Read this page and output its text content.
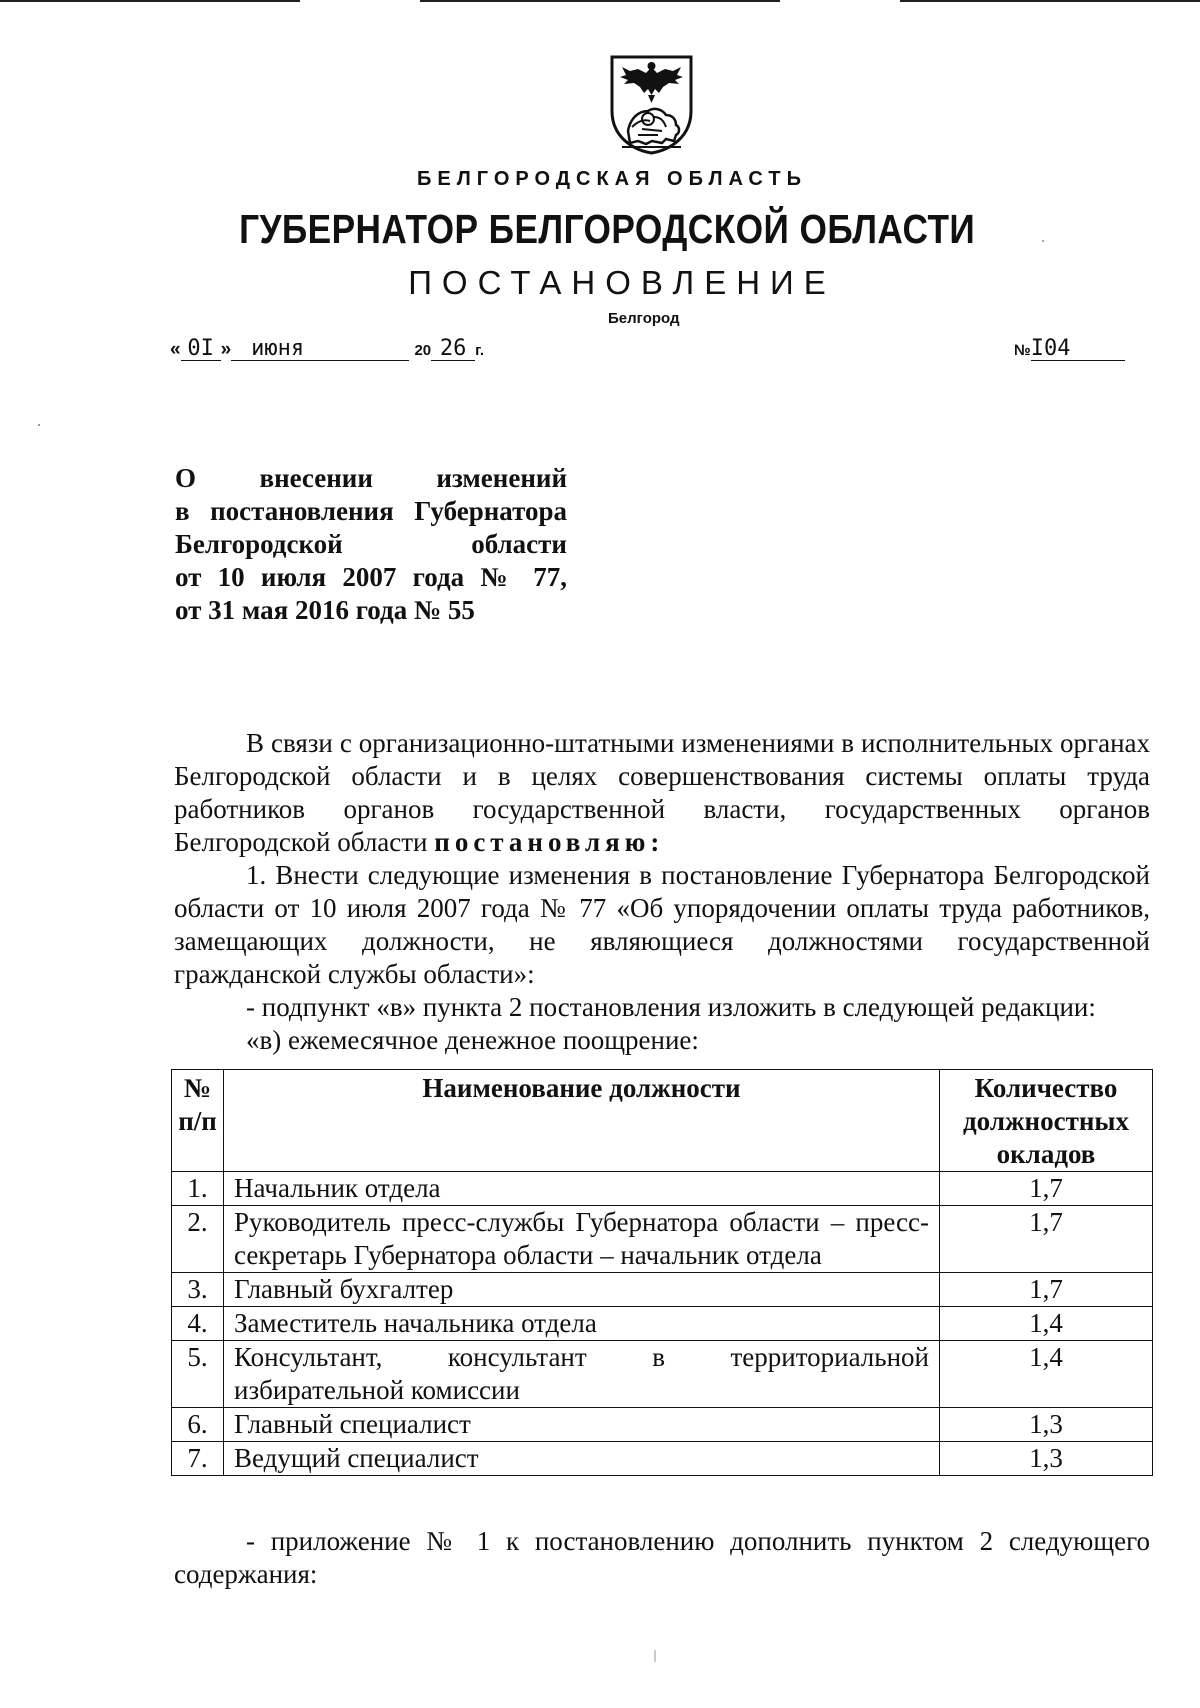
БЕЛГОРОДСКАЯ ОБЛАСТЬ
ГУБЕРНАТОР БЕЛГОРОДСКОЙ ОБЛАСТИ
ПОСТАНОВЛЕНИЕ
Белгород
« 0I » июня	20 26 г.	№I04
О внесении изменений
в постановления Губернатора
Белгородской области
от 10 июля 2007 года № 77,
от 31 мая 2016 года № 55
В связи с организационно-штатными изменениями в исполнительных органах Белгородской области и в целях совершенствования системы оплаты труда работников органов государственной власти, государственных органов Белгородской области постановляю:
1. Внести следующие изменения в постановление Губернатора Белгородской области от 10 июля 2007 года № 77 «Об упорядочении оплаты труда работников, замещающих должности, не являющиеся должностями государственной гражданской службы области»:
- подпункт «в» пункта 2 постановления изложить в следующей редакции:
«в) ежемесячное денежное поощрение:
№ п/п	Наименование должности	Количество должностных окладов
1.	Начальник отдела	1,7
2.	Руководитель пресс-службы Губернатора области – пресс-секретарь Губернатора области – начальник отдела	1,7
3.	Главный бухгалтер	1,7
4.	Заместитель начальника отдела	1,4
5.	Консультант, консультант в территориальной избирательной комиссии	1,4
6.	Главный специалист	1,3
7.	Ведущий специалист	1,3
- приложение № 1 к постановлению дополнить пунктом 2 следующего содержания:
